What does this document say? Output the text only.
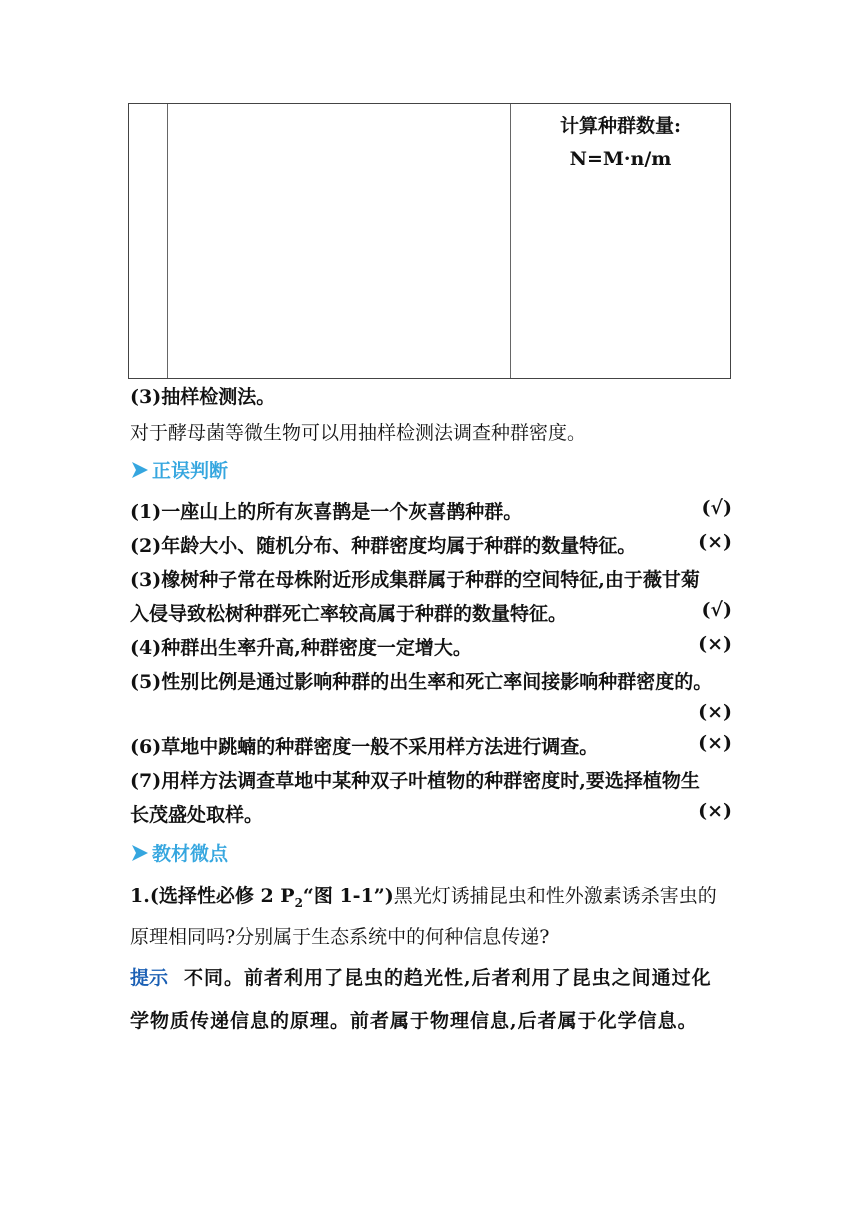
计算种群数量:
N=M·n/m
(3)抽样检测法。
对于酵母菌等微生物可以用抽样检测法调查种群密度。
正误判断
(1)一座山上的所有灰喜鹊是一个灰喜鹊种群。	(√)
(2)年龄大小、随机分布、种群密度均属于种群的数量特征。	(×)
(3)橡树种子常在母株附近形成集群属于种群的空间特征,由于薇甘菊
入侵导致松树种群死亡率较高属于种群的数量特征。	(√)
(4)种群出生率升高,种群密度一定增大。	(×)
(5)性别比例是通过影响种群的出生率和死亡率间接影响种群密度的。
(×)
(6)草地中跳蝻的种群密度一般不采用样方法进行调查。	(×)
(7)用样方法调查草地中某种双子叶植物的种群密度时,要选择植物生
长茂盛处取样。	(×)
教材微点
1.(选择性必修 2 $P_2“$图 1-1”)黑光灯诱捕昆虫和性外激素诱杀害虫的
原理相同吗?分别属于生态系统中的何种信息传递?
提示 不同。前者利用了昆虫的趋光性,后者利用了昆虫之间通过化
学物质传递信息的原理。前者属于物理信息,后者属于化学信息。
